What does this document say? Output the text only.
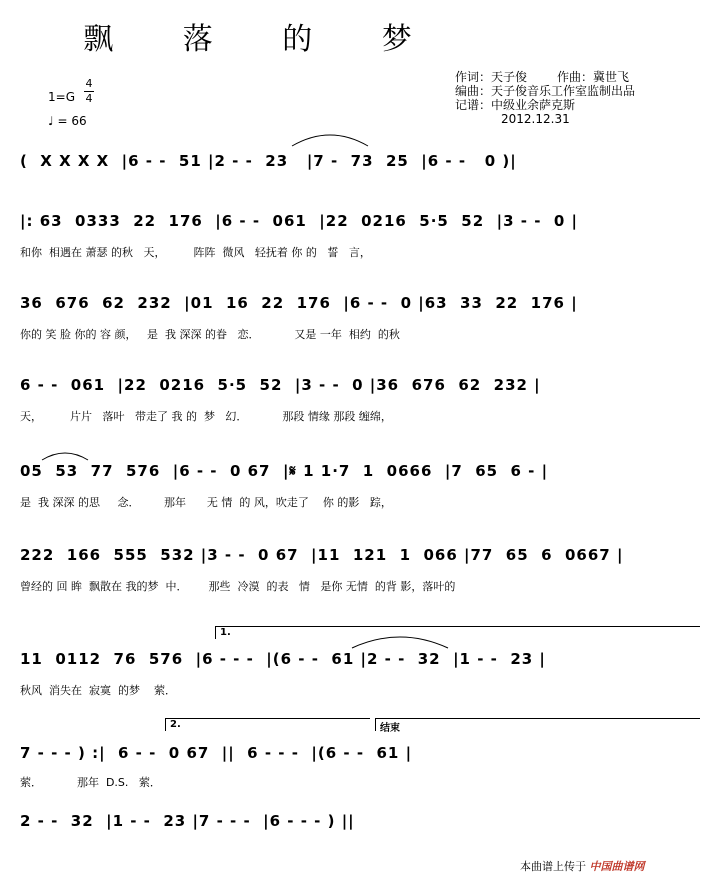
飘 落 的 梦
1=G
4
4
♩ = 66
作词：天子俊	作曲：冀世飞
编曲：天子俊音乐工作室监制出品
记谱：中级业余萨克斯
2012.12.31
(  X X X X  |6 - -  51 |2 - -  23   |7 -  73  25  |6 - -   0 )|
|: 63  0333  22  176  |6 - -  061  |22  0216  5·5  52  |3 - -  0 |
和你  相遇在 萧瑟 的秋   天，        阵阵  微风   轻抚着 你 的   誓   言，
36  676  62  232  |01  16  22  176  |6 - -  0 |63  33  22  176 |
你的 笑 脸 你的 容 颜，   是  我 深深 的眷   恋．          又是 一年  相约  的秋
6 - -  061  |22  0216  5·5  52  |3 - -  0 |36  676  62  232 |
天，        片片   落叶   带走了 我 的  梦   幻．          那段 情缘 那段 缠绵，
05  53  77  576  |6 - -  0 67  |𝄋 1 1·7  1  0666  |7  65  6 - |
是  我 深深 的思     念．       那年      无 情  的 风，吹走了    你 的影   踪，
222  166  555  532 |3 - -  0 67  |11  121  1  066 |77  65  6  0667 |
曾经的 回 眸  飘散在 我的梦  中．      那些  冷漠  的表   情   是你 无情  的背 影，落叶的
1.
11  0112  76  576  |6 - - -  |(6 - -  61 |2 - -  32  |1 - -  23 |
秋风  消失在  寂寞  的梦    萦．
2.	结束
7 - - - ) :|  6 - -  0 67  ||  6 - - -  |(6 - -  61 |
萦．          那年  D.S.   萦．
2 - -  32  |1 - -  23 |7 - - -  |6 - - - ) ||
本曲谱上传于 中国曲谱网
